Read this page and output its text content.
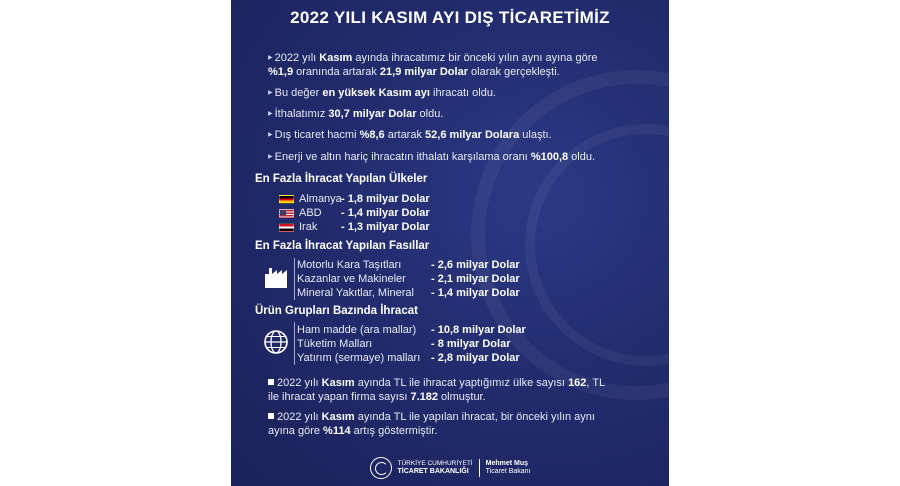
2022 YILI KASIM AYI DIŞ TİCARETİMİZ
▶ 2022 yılı Kasım ayında ihracatımız bir önceki yılın aynı ayına göre %1,9 oranında artarak 21,9 milyar Dolar olarak gerçekleşti.
▶ Bu değer en yüksek Kasım ayı ihracatı oldu.
▶ İthalatımız 30,7 milyar Dolar oldu.
▶ Dış ticaret hacmi %8,6 artarak 52,6 milyar Dolara ulaştı.
▶ Enerji ve altın hariç ihracatın ithalatı karşılama oranı %100,8 oldu.
En Fazla İhracat Yapılan Ülkeler
Almanya - 1,8 milyar Dolar
ABD	- 1,4 milyar Dolar
Irak	- 1,3 milyar Dolar
En Fazla İhracat Yapılan Fasıllar
Motorlu Kara Taşıtları	- 2,6 milyar Dolar
Kazanlar ve Makineler - 2,1 milyar Dolar
Mineral Yakıtlar, Mineral - 1,4 milyar Dolar
Ürün Grupları Bazında İhracat
Ham madde (ara mallar) - 10,8 milyar Dolar
Tüketim Malları	- 8 milyar Dolar
Yatırım (sermaye) malları - 2,8 milyar Dolar
2022 yılı Kasım ayında TL ile ihracat yaptığımız ülke sayısı 162, TL ile ihracat yapan firma sayısı 7.182 olmuştur.
2022 yılı Kasım ayında TL ile yapılan ihracat, bir önceki yılın aynı ayına göre %114 artış göstermiştir.
TÜRKİYE CUMHURİYETİ
TİCARET BAKANLIĞI
Mehmet Muş
Ticaret Bakanı
